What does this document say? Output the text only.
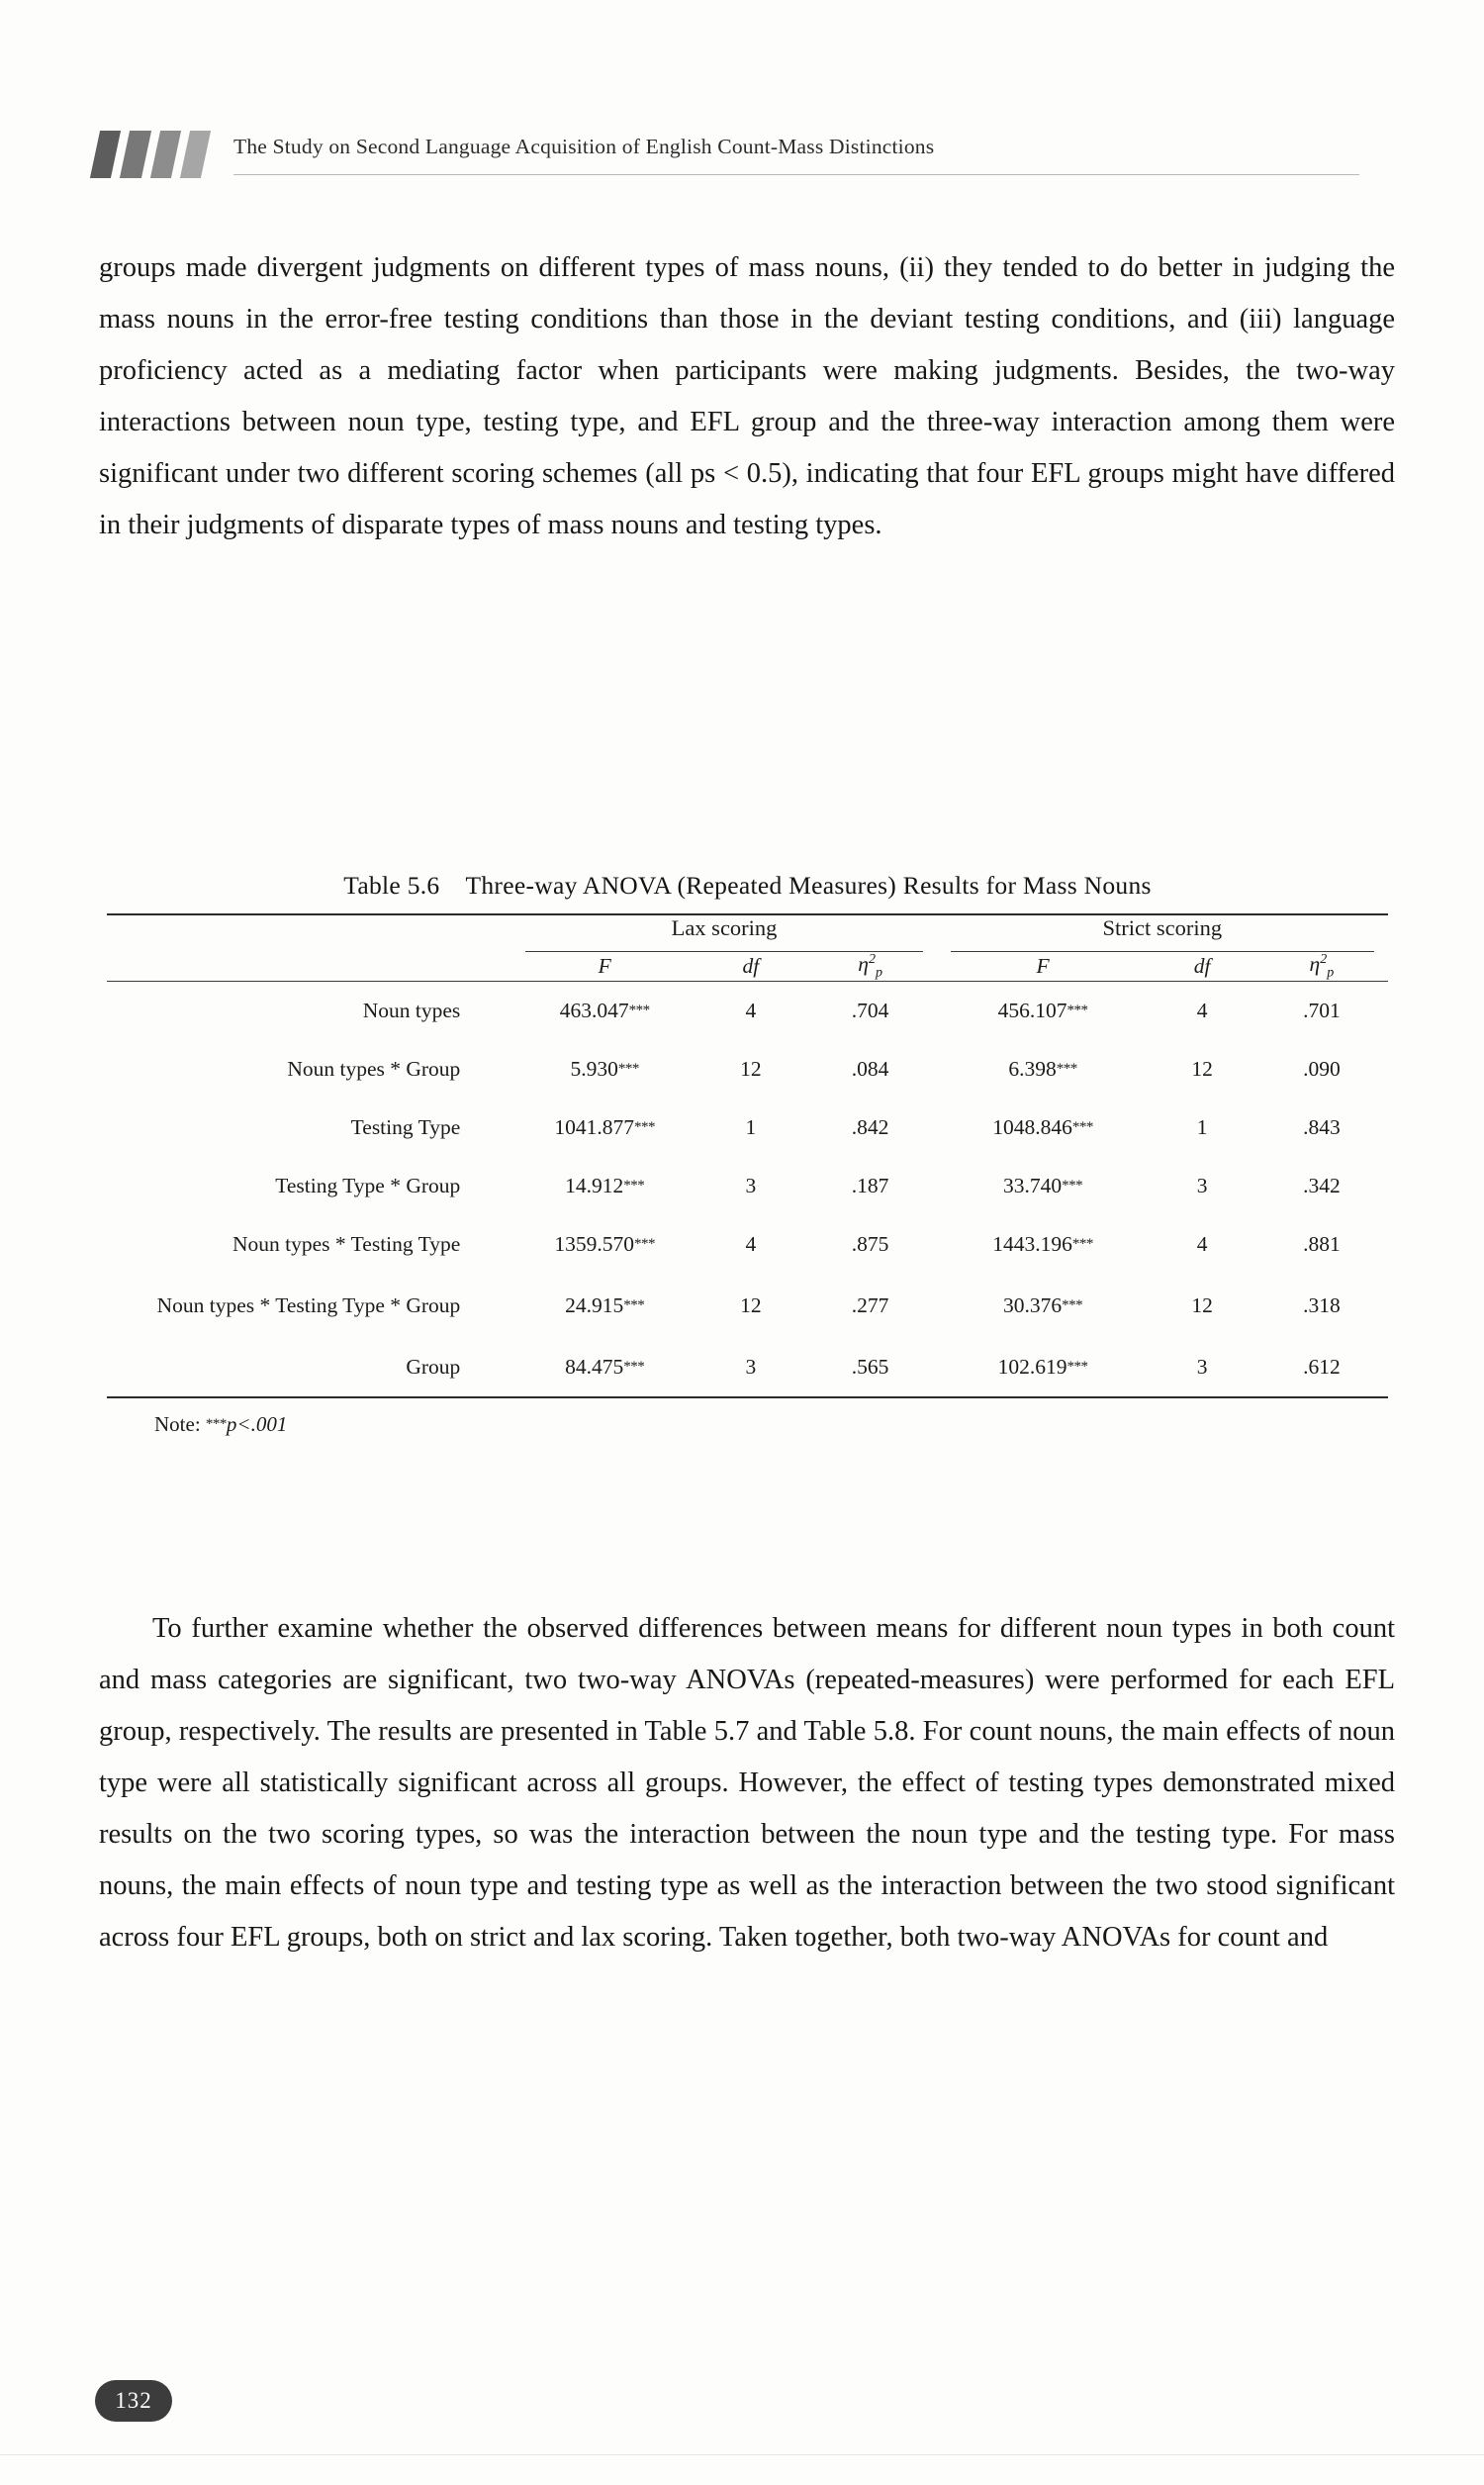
The Study on Second Language Acquisition of English Count-Mass Distinctions

groups made divergent judgments on different types of mass nouns, (ii) they tended to do better in judging the mass nouns in the error-free testing conditions than those in the deviant testing conditions, and (iii) language proficiency acted as a mediating factor when participants were making judgments. Besides, the two-way interactions between noun type, testing type, and EFL group and the three-way interaction among them were significant under two different scoring schemes (all ps < 0.5), indicating that four EFL groups might have differed in their judgments of disparate types of mass nouns and testing types.

Table 5.6 Three-way ANOVA (Repeated Measures) Results for Mass Nouns

	Lax scoring			Strict scoring		

	F	df	$\eta^2_p$	F	df	$\eta^2_p$
Noun types	463.047***	4	.704	456.107***	4	.701
Noun types * Group	5.930***	12	.084	6.398***	12	.090
Testing Type	1041.877***	1	.842	1048.846***	1	.843
Testing Type * Group	14.912***	3	.187	33.740***	3	.342
Noun types * Testing Type	1359.570***	4	.875	1443.196***	4	.881
Noun types * Testing Type * Group	24.915***	12	.277	30.376***	12	.318
Group	84.475***	3	.565	102.619***	3	.612
Note: ***p<.001

To further examine whether the observed differences between means for different noun types in both count and mass categories are significant, two two-way ANOVAs (repeated-measures) were performed for each EFL group, respectively. The results are presented in Table 5.7 and Table 5.8. For count nouns, the main effects of noun type were all statistically significant across all groups. However, the effect of testing types demonstrated mixed results on the two scoring types, so was the interaction between the noun type and the testing type. For mass nouns, the main effects of noun type and testing type as well as the interaction between the two stood significant across four EFL groups, both on strict and lax scoring. Taken together, both two-way ANOVAs for count and

132
